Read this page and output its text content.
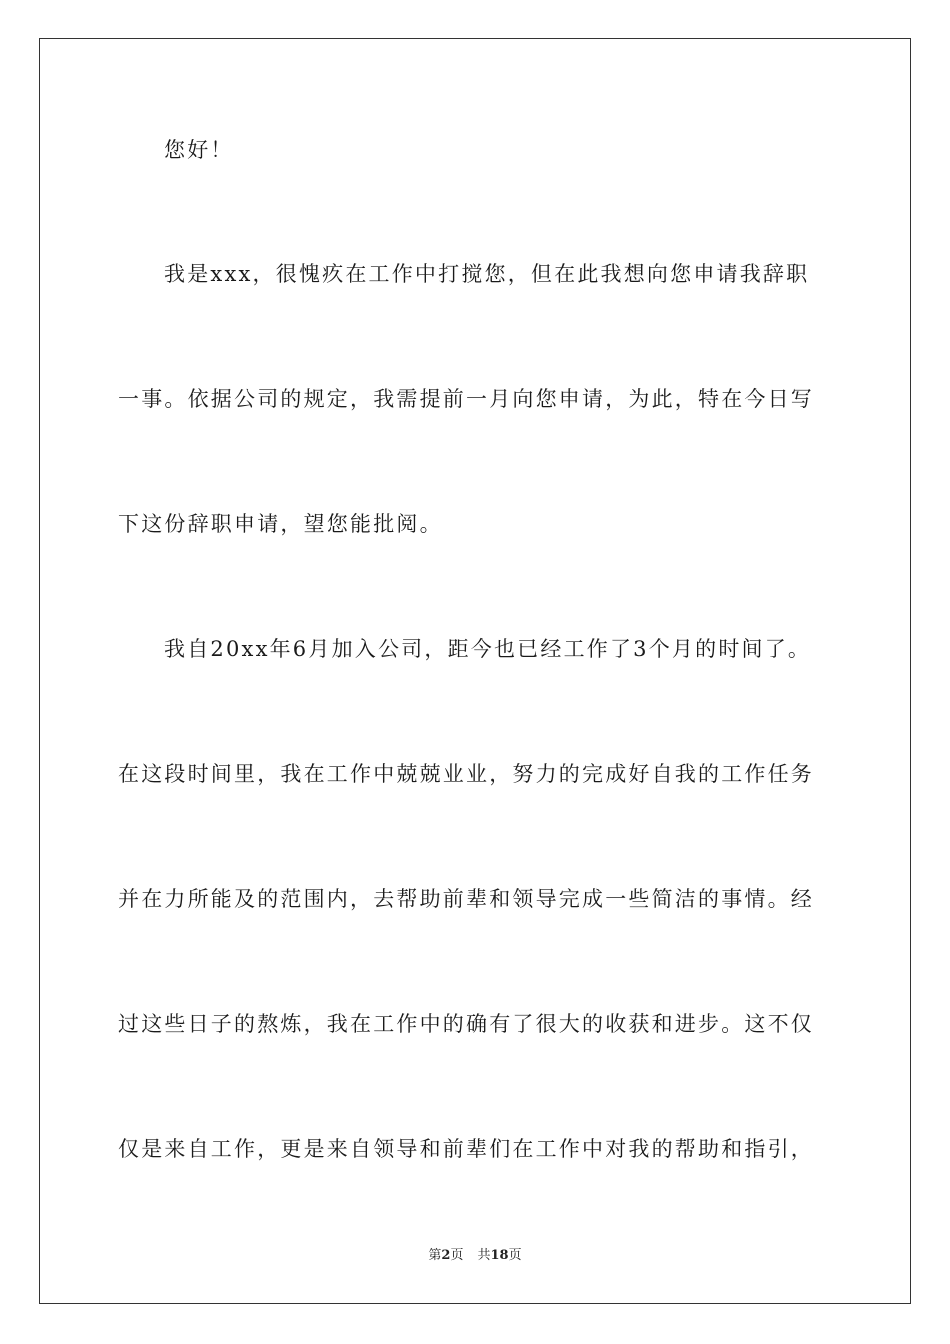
您好！
我是xxx，很愧疚在工作中打搅您，但在此我想向您申请我辞职
一事。依据公司的规定，我需提前一月向您申请，为此，特在今日写
下这份辞职申请，望您能批阅。
我自20xx年6月加入公司，距今也已经工作了3个月的时间了。
在这段时间里，我在工作中兢兢业业，努力的完成好自我的工作任务
并在力所能及的范围内，去帮助前辈和领导完成一些简洁的事情。经
过这些日子的熬炼，我在工作中的确有了很大的收获和进步。这不仅
仅是来自工作，更是来自领导和前辈们在工作中对我的帮助和指引，
第2页 共18页
